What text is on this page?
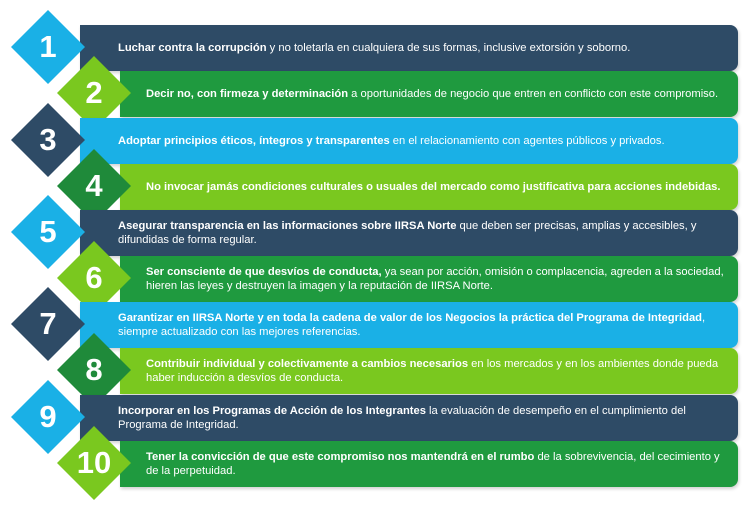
Luchar contra la corrupción y no toletarla en cualquiera de sus formas, inclusive extorsión y soborno.
1
Decir no, con firmeza y determinación a oportunidades de negocio que entren en conflicto con este compromiso.
2
Adoptar principios éticos, íntegros y transparentes en el relacionamiento con agentes públicos y privados.
3
No invocar jamás condiciones culturales o usuales del mercado como justificativa para acciones indebidas.
4
Asegurar transparencia en las informaciones sobre IIRSA Norte que deben ser precisas, amplias y accesibles, y difundidas de forma regular.
5
Ser consciente de que desvíos de conducta, ya sean por acción, omisión o complacencia, agreden a la sociedad, hieren las leyes y destruyen la imagen y la reputación de IIRSA Norte.
6
Garantizar en IIRSA Norte y en toda la cadena de valor de los Negocios la práctica del Programa de Integridad, siempre actualizado con las mejores referencias.
7
Contribuir individual y colectivamente a cambios necesarios en los mercados y en los ambientes donde pueda haber inducción a desvíos de conducta.
8
Incorporar en los Programas de Acción de los Integrantes la evaluación de desempeño en el cumplimiento del Programa de Integridad.
9
Tener la convicción de que este compromiso nos mantendrá en el rumbo de la sobrevivencia, del cecimiento y de la perpetuidad.
10
